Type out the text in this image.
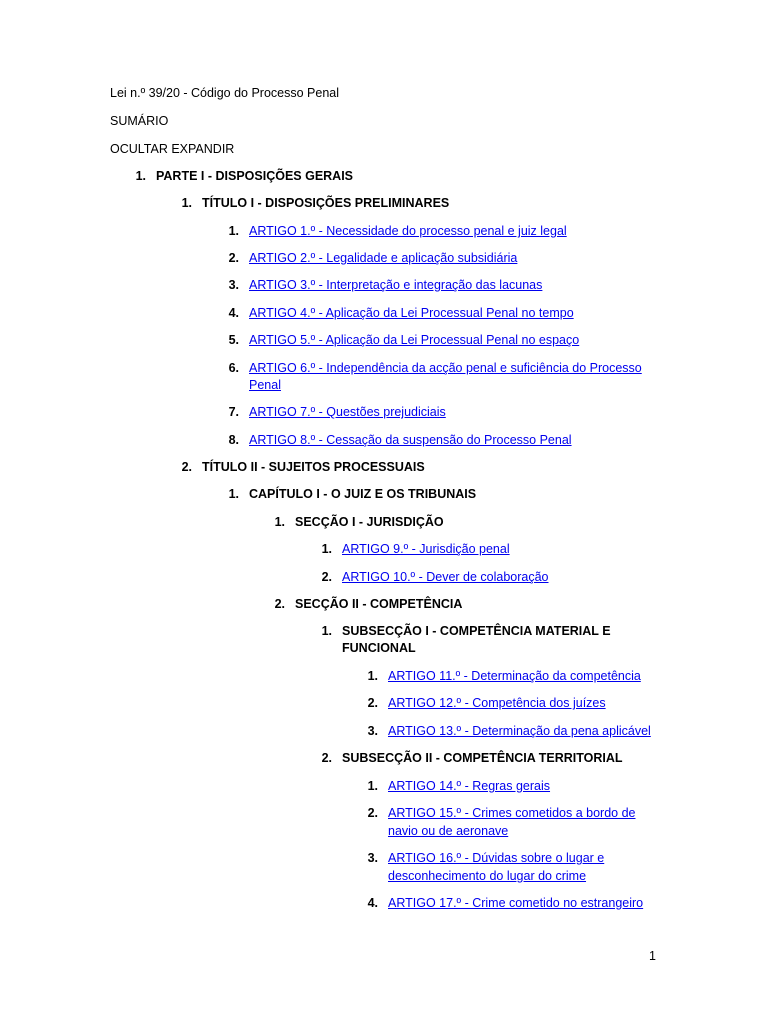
Lei n.º 39/20 - Código do Processo Penal
SUMÁRIO
OCULTAR EXPANDIR
1. PARTE I - DISPOSIÇÕES GERAIS
1. TÍTULO I - DISPOSIÇÕES PRELIMINARES
1. ARTIGO 1.º - Necessidade do processo penal e juiz legal
2. ARTIGO 2.º - Legalidade e aplicação subsidiária
3. ARTIGO 3.º - Interpretação e integração das lacunas
4. ARTIGO 4.º - Aplicação da Lei Processual Penal no tempo
5. ARTIGO 5.º - Aplicação da Lei Processual Penal no espaço
6. ARTIGO 6.º - Independência da acção penal e suficiência do Processo
Penal
7. ARTIGO 7.º - Questões prejudiciais
8. ARTIGO 8.º - Cessação da suspensão do Processo Penal
2. TÍTULO II - SUJEITOS PROCESSUAIS
1. CAPÍTULO I - O JUIZ E OS TRIBUNAIS
1. SECÇÃO I - JURISDIÇÃO
1. ARTIGO 9.º - Jurisdição penal
2. ARTIGO 10.º - Dever de colaboração
2. SECÇÃO II - COMPETÊNCIA
1. SUBSECÇÃO I - COMPETÊNCIA MATERIAL E
FUNCIONAL
1. ARTIGO 11.º - Determinação da competência
2. ARTIGO 12.º - Competência dos juízes
3. ARTIGO 13.º - Determinação da pena aplicável
2. SUBSECÇÃO II - COMPETÊNCIA TERRITORIAL
1. ARTIGO 14.º - Regras gerais
2. ARTIGO 15.º - Crimes cometidos a bordo de
navio ou de aeronave
3. ARTIGO 16.º - Dúvidas sobre o lugar e
desconhecimento do lugar do crime
4. ARTIGO 17.º - Crime cometido no estrangeiro
1
